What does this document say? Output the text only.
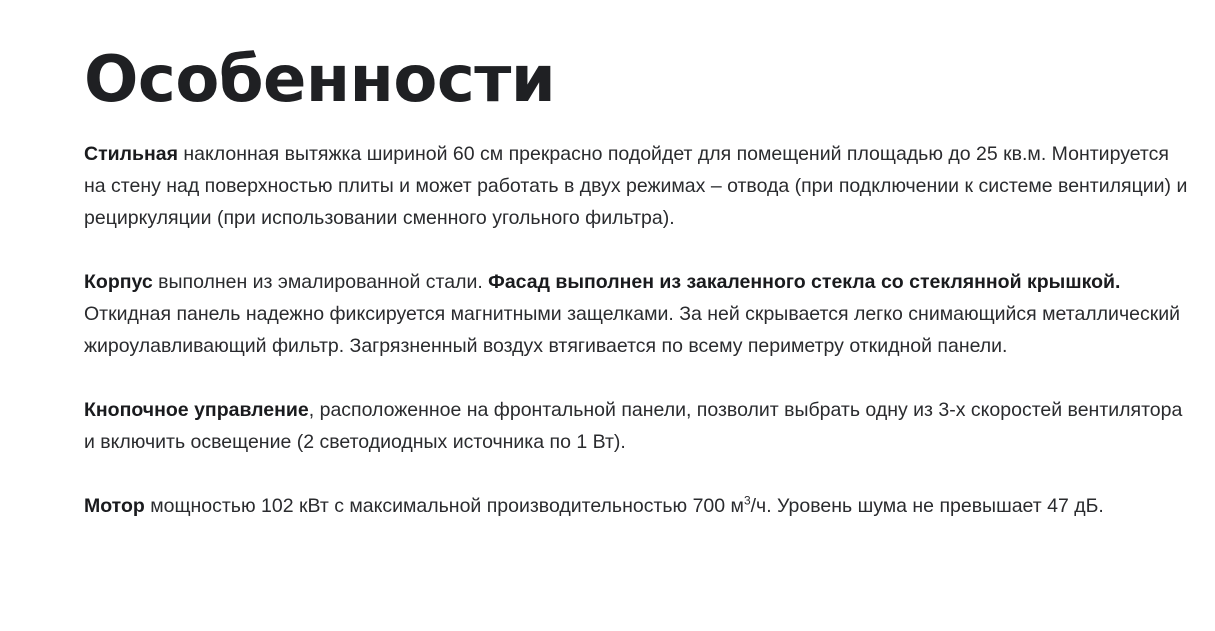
Особенности

Стильная наклонная вытяжка шириной 60 см прекрасно подойдет для помещений площадью до 25 кв.м. Монтируется на стену над поверхностью плиты и может работать в двух режимах – отвода (при подключении к системе вентиляции) и рециркуляции (при использовании сменного угольного фильтра).

Корпус выполнен из эмалированной стали. Фасад выполнен из закаленного стекла со стеклянной крышкой. Откидная панель надежно фиксируется магнитными защелками. За ней скрывается легко снимающийся металлический жироулавливающий фильтр. Загрязненный воздух втягивается по всему периметру откидной панели.

Кнопочное управление, расположенное на фронтальной панели, позволит выбрать одну из 3-х скоростей вентилятора и включить освещение (2 светодиодных источника по 1 Вт).

Мотор мощностью 102 кВт с максимальной производительностью 700 $м^3/ч$. Уровень шума не превышает 47 дБ.
